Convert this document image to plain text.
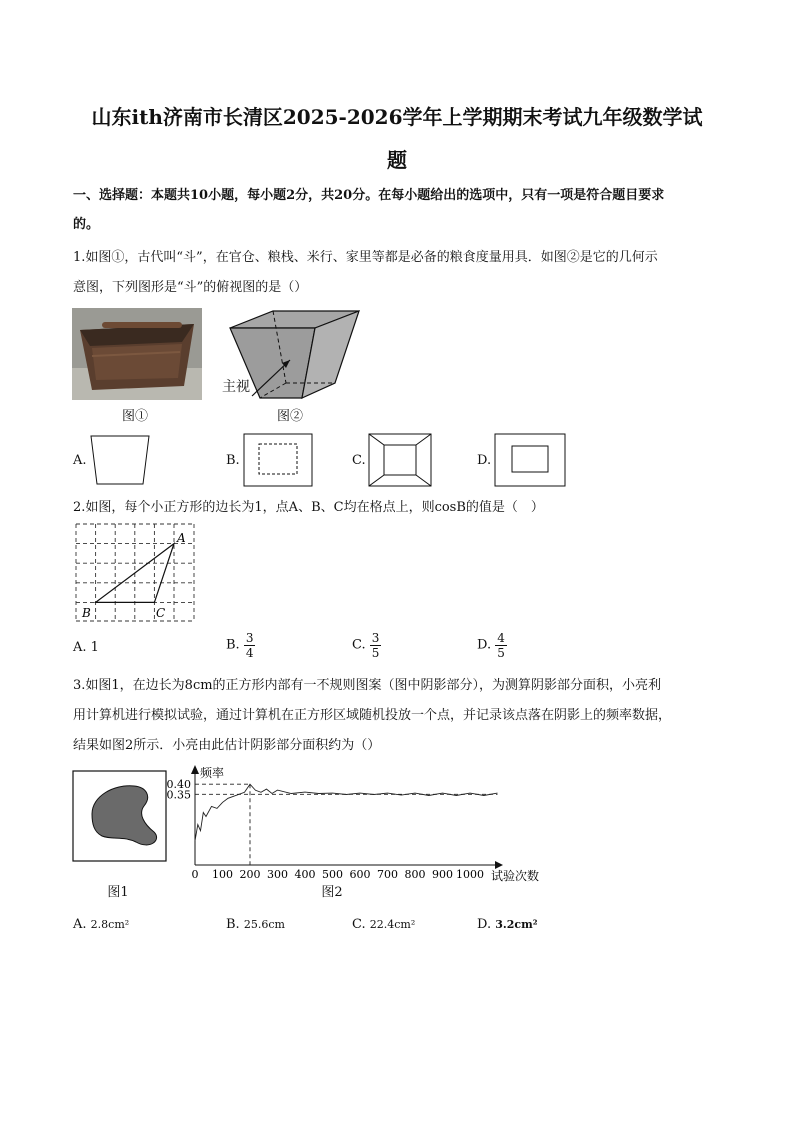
山东ith济南市长清区2025-2026学年上学期期末考试九年级数学试
题
一、选择题：本题共10小题，每小题2分，共20分。在每小题给出的选项中，只有一项是符合题目要求
的。
1.如图①，古代叫“斗”，在官仓、粮栈、米行、家里等都是必备的粮食度量用具．如图②是它的几何示
意图，下列图形是“斗”的俯视图的是（）
图①
主视
图②
A.	B.	C.	D.
2.如图，每个小正方形的边长为1，点A、B、C均在格点上，则cosB的值是（　）
A
B	C
A. 1	B. $\frac{3}{4}$	C. $\frac{3}{5}$	D. $\frac{4}{5}$
3.如图1，在边长为8cm的正方形内部有一不规则图案（图中阴影部分），为测算阴影部分面积，小亮利
用计算机进行模拟试验，通过计算机在正方形区域随机投放一个点，并记录该点落在阴影上的频率数据，
结果如图2所示．小亮由此估计阴影部分面积约为（）
图1
频率
试验次数
0 100 200 300 400 500 600 700 800 900 1000
0.35
0.40
图2
A. 2.8cm²	B. 25.6cm	C. 22.4cm²	D. 3.2cm²
